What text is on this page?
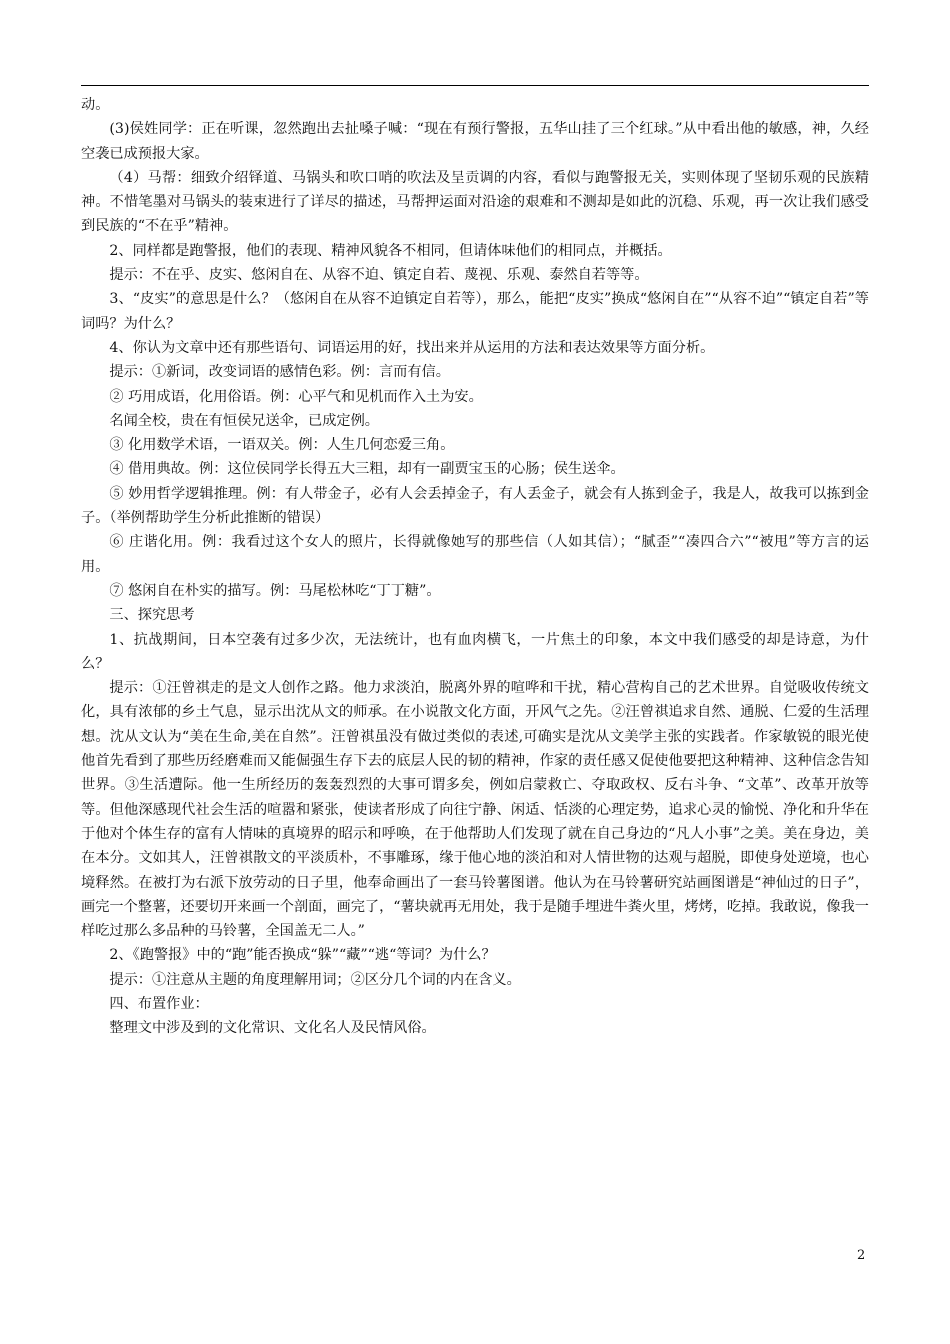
动。

(3)侯姓同学：正在听课，忽然跑出去扯嗓子喊：“现在有预行警报，五华山挂了三个红球。”从中看出他的敏感，神，久经空袭已成预报大家。

（4）马帮：细致介绍铎道、马锅头和吹口哨的吹法及呈贡调的内容，看似与跑警报无关，实则体现了坚韧乐观的民族精神。不惜笔墨对马锅头的装束进行了详尽的描述，马帮押运面对沿途的艰难和不测却是如此的沉稳、乐观，再一次让我们感受到民族的“不在乎”精神。

2、同样都是跑警报，他们的表现、精神风貌各不相同，但请体味他们的相同点，并概括。

提示：不在乎、皮实、悠闲自在、从容不迫、镇定自若、蔑视、乐观、泰然自若等等。

3、“皮实”的意思是什么？（悠闲自在从容不迫镇定自若等），那么，能把“皮实”换成“悠闲自在”“从容不迫”“镇定自若”等词吗？为什么？

4、你认为文章中还有那些语句、词语运用的好，找出来并从运用的方法和表达效果等方面分析。

提示：①新词，改变词语的感情色彩。例：言而有信。

② 巧用成语，化用俗语。例：心平气和见机而作入土为安。

名闻全校，贵在有恒侯兄送伞，已成定例。

③ 化用数学术语，一语双关。例：人生几何恋爱三角。

④ 借用典故。例：这位侯同学长得五大三粗，却有一副贾宝玉的心肠；侯生送伞。

⑤ 妙用哲学逻辑推理。例：有人带金子，必有人会丢掉金子，有人丢金子，就会有人拣到金子，我是人，故我可以拣到金子。（举例帮助学生分析此推断的错误）

⑥ 庄谐化用。例：我看过这个女人的照片，长得就像她写的那些信（人如其信）；“腻歪”“凑四合六”“被甩”等方言的运用。

⑦ 悠闲自在朴实的描写。例：马尾松林吃“丁丁糖”。

三、探究思考

1、抗战期间，日本空袭有过多少次，无法统计，也有血肉横飞，一片焦土的印象，本文中我们感受的却是诗意，为什么？

提示：①汪曾祺走的是文人创作之路。他力求淡泊，脱离外界的喧哗和干扰，精心营构自己的艺术世界。自觉吸收传统文化，具有浓郁的乡土气息，显示出沈从文的师承。在小说散文化方面，开风气之先。②汪曾祺追求自然、通脱、仁爱的生活理想。沈从文认为“美在生命,美在自然”。汪曾祺虽没有做过类似的表述,可确实是沈从文美学主张的实践者。作家敏锐的眼光使他首先看到了那些历经磨难而又能倔强生存下去的底层人民的韧的精神，作家的责任感又促使他要把这种精神、这种信念告知世界。③生活遭际。他一生所经历的轰轰烈烈的大事可谓多矣，例如启蒙救亡、夺取政权、反右斗争、“文革”、改革开放等等。但他深感现代社会生活的喧嚣和紧张，使读者形成了向往宁静、闲适、恬淡的心理定势，追求心灵的愉悦、净化和升华在于他对个体生存的富有人情味的真境界的昭示和呼唤，在于他帮助人们发现了就在自己身边的“凡人小事”之美。美在身边，美在本分。文如其人，汪曾祺散文的平淡质朴，不事雕琢，缘于他心地的淡泊和对人情世物的达观与超脱，即使身处逆境，也心境释然。在被打为右派下放劳动的日子里，他奉命画出了一套马铃薯图谱。他认为在马铃薯研究站画图谱是“神仙过的日子”，画完一个整薯，还要切开来画一个剖面，画完了，“薯块就再无用处，我于是随手埋进牛粪火里，烤烤，吃掉。我敢说，像我一样吃过那么多品种的马铃薯，全国盖无二人。”

2、《跑警报》中的“跑”能否换成“躲”“藏”“逃“等词？为什么？

提示：①注意从主题的角度理解用词；②区分几个词的内在含义。

四、布置作业：

整理文中涉及到的文化常识、文化名人及民情风俗。

2
